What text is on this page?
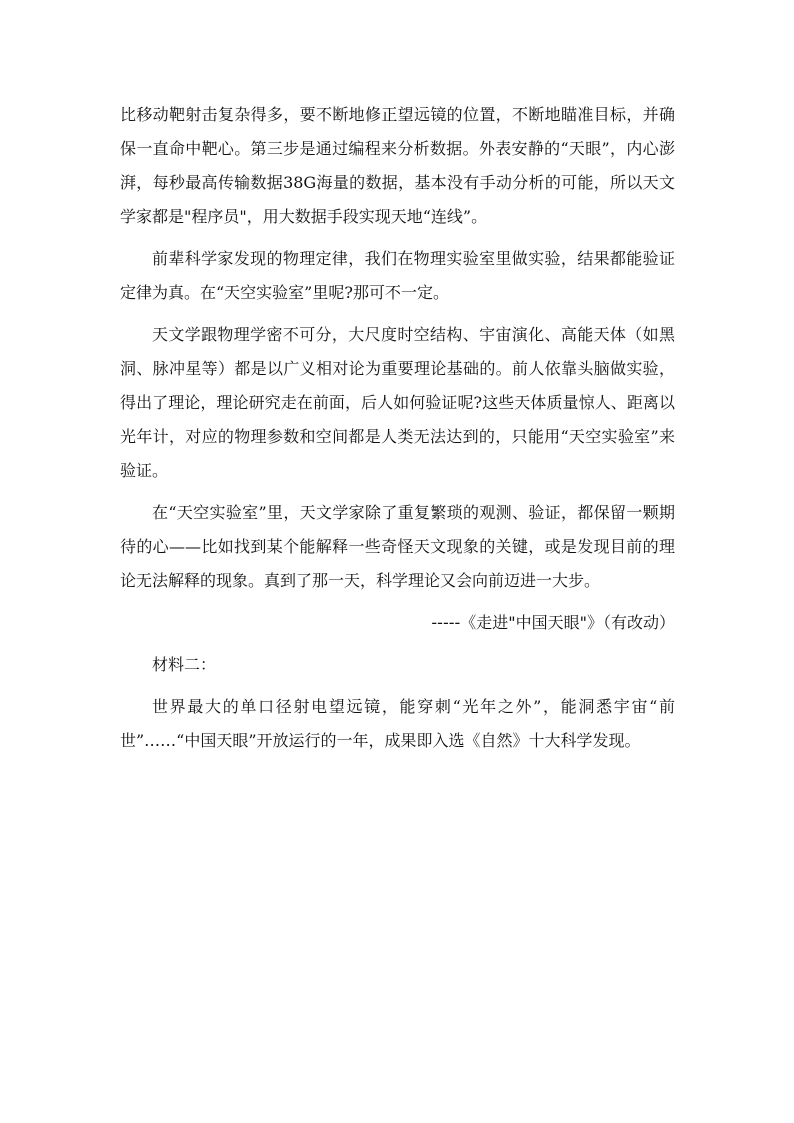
比移动靶射击复杂得多，要不断地修正望远镜的位置，不断地瞄准目标，并确保一直命中靶心。第三步是通过编程来分析数据。外表安静的“天眼”，内心澎湃，每秒最高传输数据38G海量的数据，基本没有手动分析的可能，所以天文学家都是"程序员"，用大数据手段实现天地“连线”。

前辈科学家发现的物理定律，我们在物理实验室里做实验，结果都能验证定律为真。在“天空实验室”里呢?那可不一定。

天文学跟物理学密不可分，大尺度时空结构、宇宙演化、高能天体（如黑洞、脉冲星等）都是以广义相对论为重要理论基础的。前人依靠头脑做实验，得出了理论，理论研究走在前面，后人如何验证呢?这些天体质量惊人、距离以光年计，对应的物理参数和空间都是人类无法达到的，只能用“天空实验室”来验证。

在“天空实验室”里，天文学家除了重复繁琐的观测、验证，都保留一颗期待的心——比如找到某个能解释一些奇怪天文现象的关键，或是发现目前的理论无法解释的现象。真到了那一天，科学理论又会向前迈进一大步。

-----《走进"中国天眼"》（有改动）

材料二：

世界最大的单口径射电望远镜，能穿刺“光年之外”，能洞悉宇宙“前世”……“中国天眼”开放运行的一年，成果即入选《自然》十大科学发现。
